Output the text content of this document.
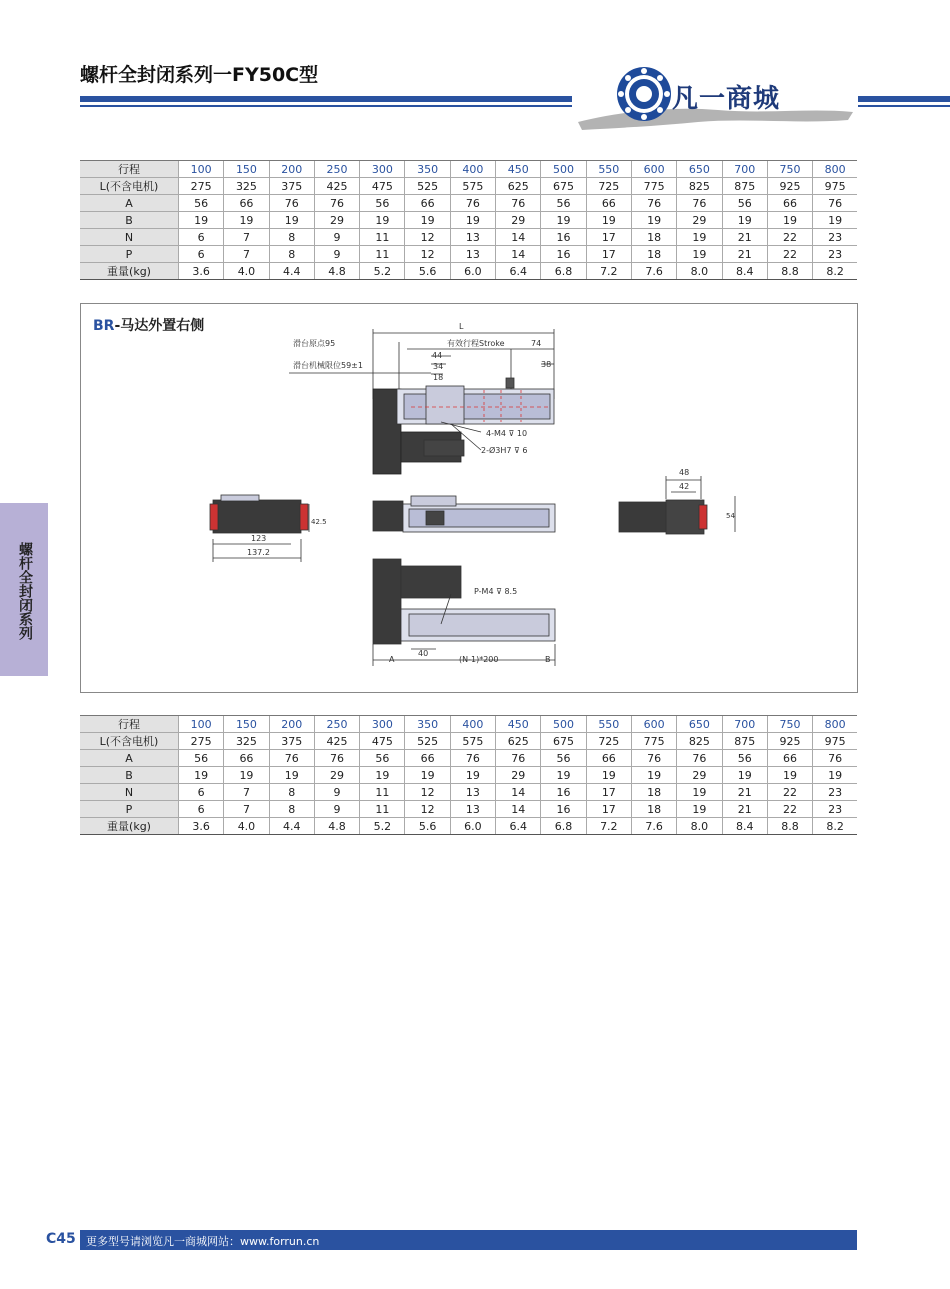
螺杆全封闭系列一FY50C型
凡一商城
螺杆全封闭系列
行程	100	150	200	250	300	350	400	450	500	550	600	650	700	750	800
L(不含电机)	275	325	375	425	475	525	575	625	675	725	775	825	875	925	975
A	56	66	76	76	56	66	76	76	56	66	76	76	56	66	76
B	19	19	19	29	19	19	19	29	19	19	19	29	19	19	19
N	6	7	8	9	11	12	13	14	16	17	18	19	21	22	23
P	6	7	8	9	11	12	13	14	16	17	18	19	21	22	23
重量(kg)	3.6	4.0	4.4	4.8	5.2	5.6	6.0	6.4	6.8	7.2	7.6	8.0	8.4	8.8	8.2
BR-马达外置右侧	L
滑台原点95	有效行程Stroke	74
44
34
18
38
滑台机械限位59±1
4-M4 ⊽ 10
2-Ø3H7 ⊽ 6
123
137.2
42.5
48
42
54
P-M4 ⊽ 8.5
A
40
(N-1)*200	B
行程	100	150	200	250	300	350	400	450	500	550	600	650	700	750	800
L(不含电机)	275	325	375	425	475	525	575	625	675	725	775	825	875	925	975
A	56	66	76	76	56	66	76	76	56	66	76	76	56	66	76
B	19	19	19	29	19	19	19	29	19	19	19	29	19	19	19
N	6	7	8	9	11	12	13	14	16	17	18	19	21	22	23
P	6	7	8	9	11	12	13	14	16	17	18	19	21	22	23
重量(kg)	3.6	4.0	4.4	4.8	5.2	5.6	6.0	6.4	6.8	7.2	7.6	8.0	8.4	8.8	8.2
C45 更多型号请浏览凡一商城网站：www.forrun.cn
